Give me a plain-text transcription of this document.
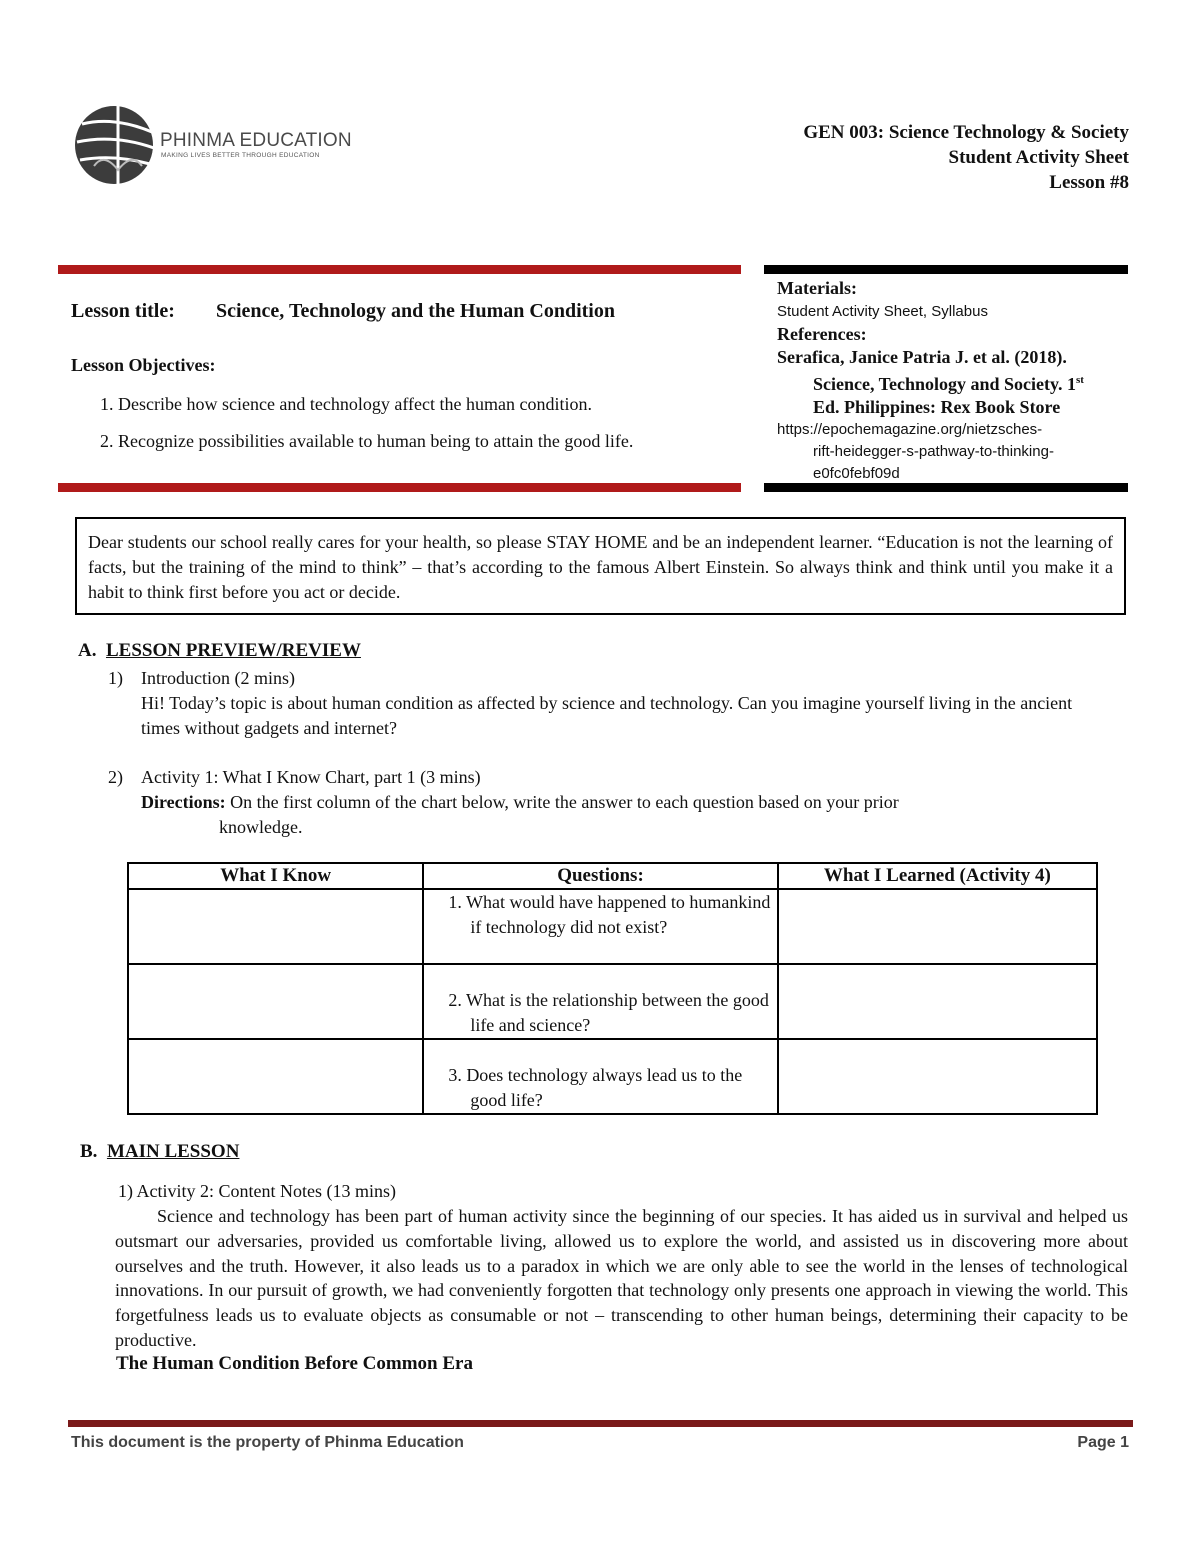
PHINMA EDUCATION
MAKING LIVES BETTER THROUGH EDUCATION
GEN 003: Science Technology & Society
Student Activity Sheet
Lesson #8
Lesson title: Science, Technology and the Human Condition
Lesson Objectives:
1. Describe how science and technology affect the human condition.
2. Recognize possibilities available to human being to attain the good life.
Materials:
Student Activity Sheet, Syllabus
References:
Serafica, Janice Patria J. et al. (2018).
Science, Technology and Society. 1st
Ed. Philippines: Rex Book Store
https://epochemagazine.org/nietzsches-
rift-heidegger-s-pathway-to-thinking-
e0fc0febf09d
Dear students our school really cares for your health, so please STAY HOME and be an independent learner. “Education is not the learning of facts, but the training of the mind to think” – that’s according to the famous Albert Einstein. So always think and think until you make it a habit to think first before you act or decide.
A. LESSON PREVIEW/REVIEW
1) Introduction (2 mins)
Hi! Today’s topic is about human condition as affected by science and technology. Can you imagine yourself living in the ancient times without gadgets and internet?
2) Activity 1: What I Know Chart, part 1 (3 mins)
Directions: On the first column of the chart below, write the answer to each question based on your prior
knowledge.
What I Know	Questions:	What I Learned (Activity 4)

	1. What would have happened to humankind if technology did not exist?	

	2. What is the relationship between the good life and science?	

	3. Does technology always lead us to the good life?	

B. MAIN LESSON
1) Activity 2: Content Notes (13 mins)
Science and technology has been part of human activity since the beginning of our species. It has aided us in survival and helped us outsmart our adversaries, provided us comfortable living, allowed us to explore the world, and assisted us in discovering more about ourselves and the truth. However, it also leads us to a paradox in which we are only able to see the world in the lenses of technological innovations. In our pursuit of growth, we had conveniently forgotten that technology only presents one approach in viewing the world. This forgetfulness leads us to evaluate objects as consumable or not – transcending to other human beings, determining their capacity to be productive.
The Human Condition Before Common Era
This document is the property of Phinma Education	Page 1
